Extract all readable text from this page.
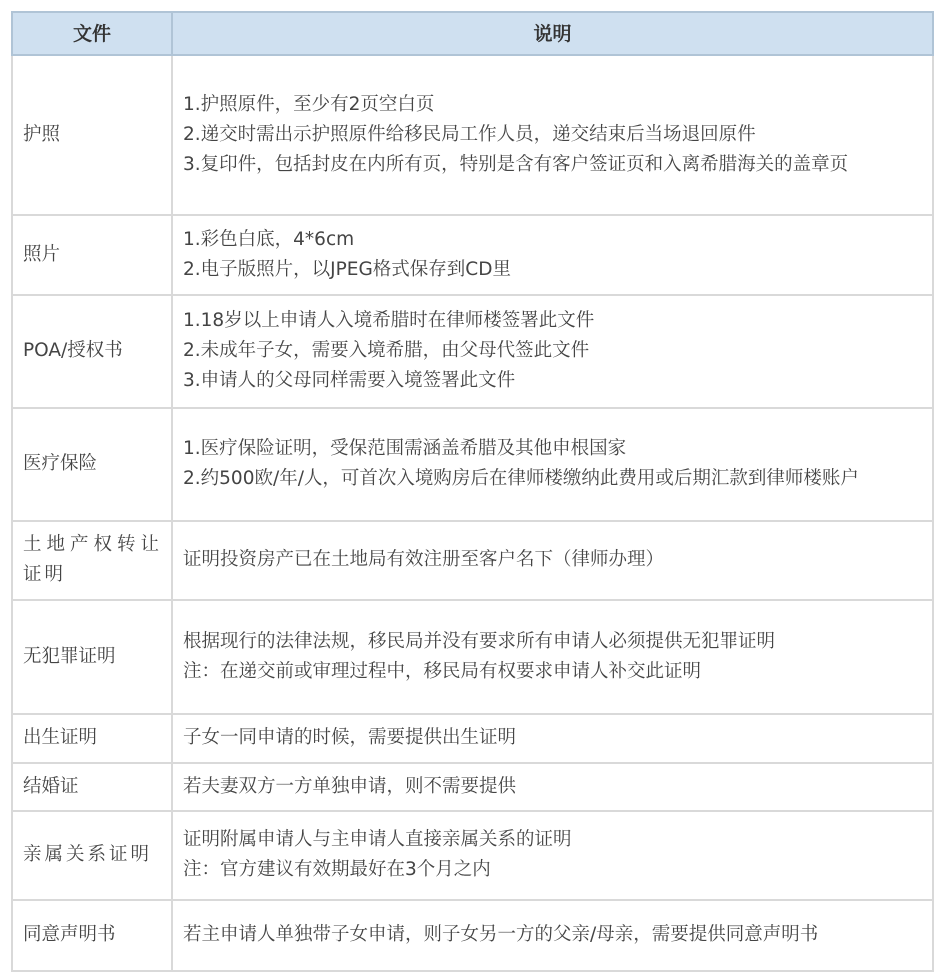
文件	说明
护照	1.护照原件，至少有2页空白页
2.递交时需出示护照原件给移民局工作人员，递交结束后当场退回原件
3.复印件，包括封皮在内所有页，特别是含有客户签证页和入离希腊海关的盖章页

照片	1.彩色白底，4*6cm
2.电子版照片，以JPEG格式保存到CD里

POA/授权书	1.18岁以上申请人入境希腊时在律师楼签署此文件
2.未成年子女，需要入境希腊，由父母代签此文件
3.申请人的父母同样需要入境签署此文件

医疗保险	1.医疗保险证明，受保范围需涵盖希腊及其他申根国家
2.约500欧/年/人，可首次入境购房后在律师楼缴纳此费用或后期汇款到律师楼账户

土地产权转让证明	证明投资房产已在土地局有效注册至客户名下（律师办理）

无犯罪证明	根据现行的法律法规，移民局并没有要求所有申请人必须提供无犯罪证明
注：在递交前或审理过程中，移民局有权要求申请人补交此证明

出生证明	子女一同申请的时候，需要提供出生证明

结婚证	若夫妻双方一方单独申请，则不需要提供

亲属关系证明	证明附属申请人与主申请人直接亲属关系的证明
注：官方建议有效期最好在3个月之内

同意声明书	若主申请人单独带子女申请，则子女另一方的父亲/母亲，需要提供同意声明书
